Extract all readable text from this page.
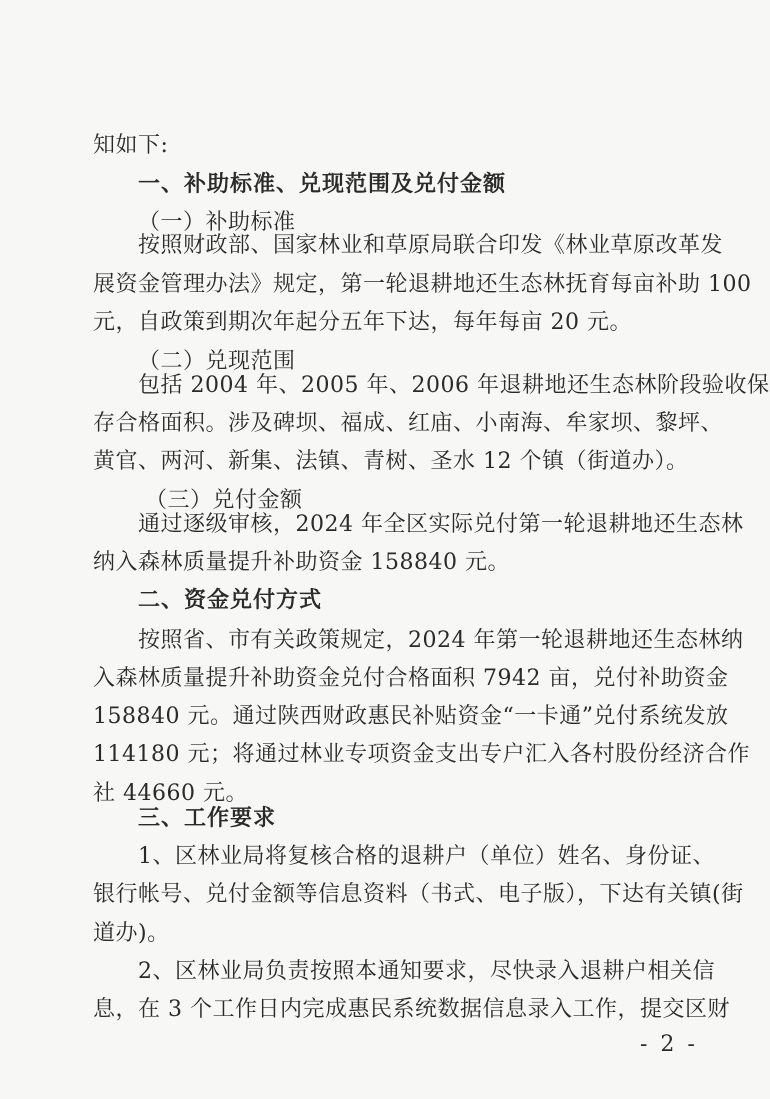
知如下:
一、补助标准、兑现范围及兑付金额
（一）补助标准
按照财政部、国家林业和草原局联合印发《林业草原改革发
展资金管理办法》规定，第一轮退耕地还生态林抚育每亩补助 100
元，自政策到期次年起分五年下达，每年每亩 20 元。
（二）兑现范围
包括 2004 年、2005 年、2006 年退耕地还生态林阶段验收保
存合格面积。涉及碑坝、福成、红庙、小南海、牟家坝、黎坪、
黄官、两河、新集、法镇、青树、圣水 12 个镇（街道办）。
（三）兑付金额
通过逐级审核，2024 年全区实际兑付第一轮退耕地还生态林
纳入森林质量提升补助资金 158840 元。
二、资金兑付方式
按照省、市有关政策规定，2024 年第一轮退耕地还生态林纳
入森林质量提升补助资金兑付合格面积 7942 亩，兑付补助资金
158840 元。通过陕西财政惠民补贴资金“一卡通”兑付系统发放
114180 元；将通过林业专项资金支出专户汇入各村股份经济合作
社 44660 元。
三、工作要求
1、区林业局将复核合格的退耕户（单位）姓名、身份证、
银行帐号、兑付金额等信息资料（书式、电子版），下达有关镇(街
道办)。
2、区林业局负责按照本通知要求，尽快录入退耕户相关信
息，在 3 个工作日内完成惠民系统数据信息录入工作，提交区财
- 2 -
